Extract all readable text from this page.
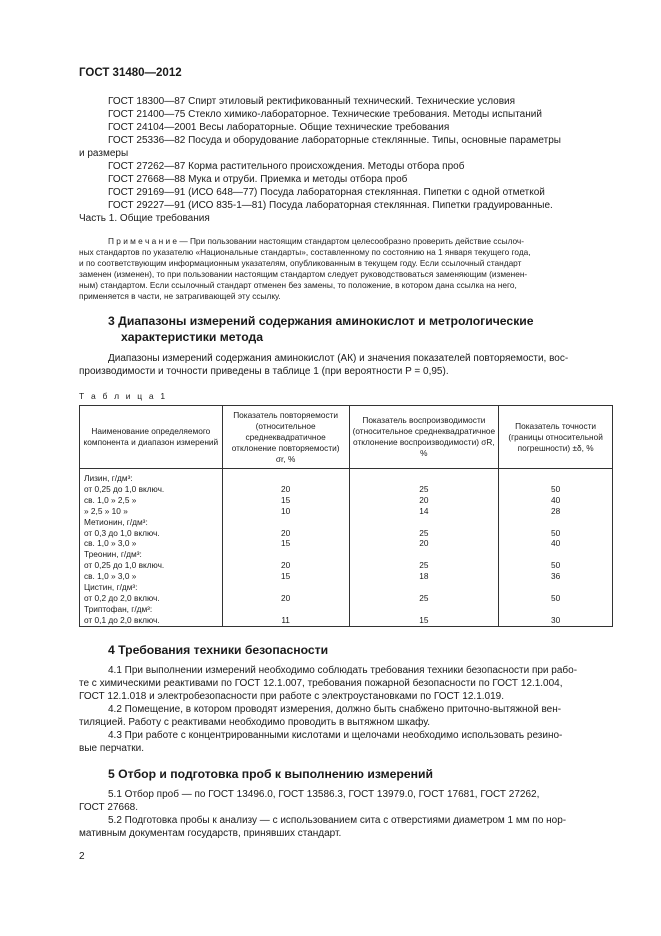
ГОСТ 31480—2012
ГОСТ 18300—87 Спирт этиловый ректификованный технический. Технические условия
ГОСТ 21400—75 Стекло химико-лабораторное. Технические требования. Методы испытаний
ГОСТ 24104—2001 Весы лабораторные. Общие технические требования
ГОСТ 25336—82 Посуда и оборудование лабораторные стеклянные. Типы, основные параметры
и размеры
ГОСТ 27262—87 Корма растительного происхождения. Методы отбора проб
ГОСТ 27668—88 Мука и отруби. Приемка и методы отбора проб
ГОСТ 29169—91 (ИСО 648—77) Посуда лабораторная стеклянная. Пипетки с одной отметкой
ГОСТ 29227—91 (ИСО 835-1—81) Посуда лабораторная стеклянная. Пипетки градуированные.
Часть 1. Общие требования
П р и м е ч а н и е — При пользовании настоящим стандартом целесообразно проверить действие ссылоч-
ных стандартов по указателю «Национальные стандарты», составленному по состоянию на 1 января текущего года,
и по соответствующим информационным указателям, опубликованным в текущем году. Если ссылочный стандарт
заменен (изменен), то при пользовании настоящим стандартом следует руководствоваться заменяющим (изменен-
ным) стандартом. Если ссылочный стандарт отменен без замены, то положение, в котором дана ссылка на него,
применяется в части, не затрагивающей эту ссылку.
3 Диапазоны измерений содержания аминокислот и метрологические
характеристики метода
Диапазоны измерений содержания аминокислот (АК) и значения показателей повторяемости, вос-
производимости и точности приведены в таблице 1 (при вероятности P = 0,95).
Т а б л и ц а 1
Наименование определяемого компонента и диапазон измерений	Показатель повторяемости (относительное среднеквадратичное отклонение повторяемости) σr, %	Показатель воспроизводимости (относительное среднеквадратичное отклонение воспроизводимости) σR, %	Показатель точности (границы относительной погрешности) ±δ, %
Лизин, г/дм³:			
от 0,25 до 1,0 включ.	20	25	50
св. 1,0 » 2,5 »	15	20	40
» 2,5 » 10 »	10	14	28
Метионин, г/дм³:			
от 0,3 до 1,0 включ.	20	25	50
св. 1,0 » 3,0 »	15	20	40
Треонин, г/дм³:			
от 0,25 до 1,0 включ.	20	25	50
св. 1,0 » 3,0 »	15	18	36
Цистин, г/дм³:			
от 0,2 до 2,0 включ.	20	25	50
Триптофан, г/дм³:			
от 0,1 до 2,0 включ.	11	15	30
4 Требования техники безопасности
4.1 При выполнении измерений необходимо соблюдать требования техники безопасности при рабо-
те с химическими реактивами по ГОСТ 12.1.007, требования пожарной безопасности по ГОСТ 12.1.004,
ГОСТ 12.1.018 и электробезопасности при работе с электроустановками по ГОСТ 12.1.019.
4.2 Помещение, в котором проводят измерения, должно быть снабжено приточно-вытяжной вен-
тиляцией. Работу с реактивами необходимо проводить в вытяжном шкафу.
4.3 При работе с концентрированными кислотами и щелочами необходимо использовать резино-
вые перчатки.
5 Отбор и подготовка проб к выполнению измерений
5.1 Отбор проб — по ГОСТ 13496.0, ГОСТ 13586.3, ГОСТ 13979.0, ГОСТ 17681, ГОСТ 27262,
ГОСТ 27668.
5.2 Подготовка пробы к анализу — с использованием сита с отверстиями диаметром 1 мм по нор-
мативным документам государств, принявших стандарт.
2
